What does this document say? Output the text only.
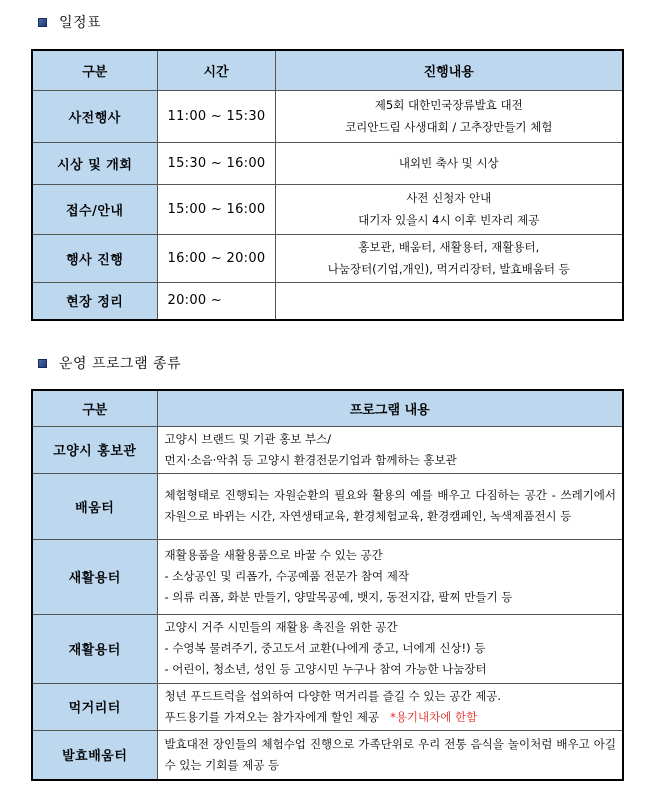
일정표
구분	시간	진행내용
사전행사	11:00 ~ 15:30	제5회 대한민국장류발효 대전
코리안드림 사생대회 / 고추장만들기 체험

시상 및 개회	15:30 ~ 16:00	내외빈 축사 및 시상

접수/안내	15:00 ~ 16:00	사전 신청자 안내
대기자 있을시 4시 이후 빈자리 제공

행사 진행	16:00 ~ 20:00	홍보관, 배움터, 새활용터, 재활용터,
나눔장터(기업,개인), 먹거리장터, 발효배움터 등

현장 정리	20:00 ~	
운영 프로그램 종류
구분	프로그램 내용
고양시 홍보관	고양시 브랜드 및 기관 홍보 부스/
먼지·소음·악취 등 고양시 환경전문기업과 함께하는 홍보관

배움터	체험형태로 진행되는 자원순환의 필요와 활용의 예를 배우고 다짐하는 공간 - 쓰레기에서 자원으로 바뀌는 시간, 자연생태교육, 환경체험교육, 환경캠페인, 녹색제품전시 등

새활용터	재활용품을 새활용품으로 바꿀 수 있는 공간
- 소상공인 및 리폼가, 수공예품 전문가 참여 제작
- 의류 리폼, 화분 만들기, 양말목공예, 뱃지, 동전지갑, 팔찌 만들기 등

재활용터	고양시 거주 시민들의 재활용 촉진을 위한 공간
- 수영복 물려주기, 중고도서 교환(나에게 중고, 너에게 신상!) 등
- 어린이, 청소년, 성인 등 고양시민 누구나 참여 가능한 나눔장터

먹거리터	청년 푸드트럭을 섭외하여 다양한 먹거리를 즐길 수 있는 공간 제공.
푸드용기를 가져오는 참가자에게 할인 제공 *용기내차에 한함

발효배움터	발효대전 장인들의 체험수업 진행으로 가족단위로 우리 전통 음식을 놀이처럼 배우고 아길 수 있는 기회를 제공 등
